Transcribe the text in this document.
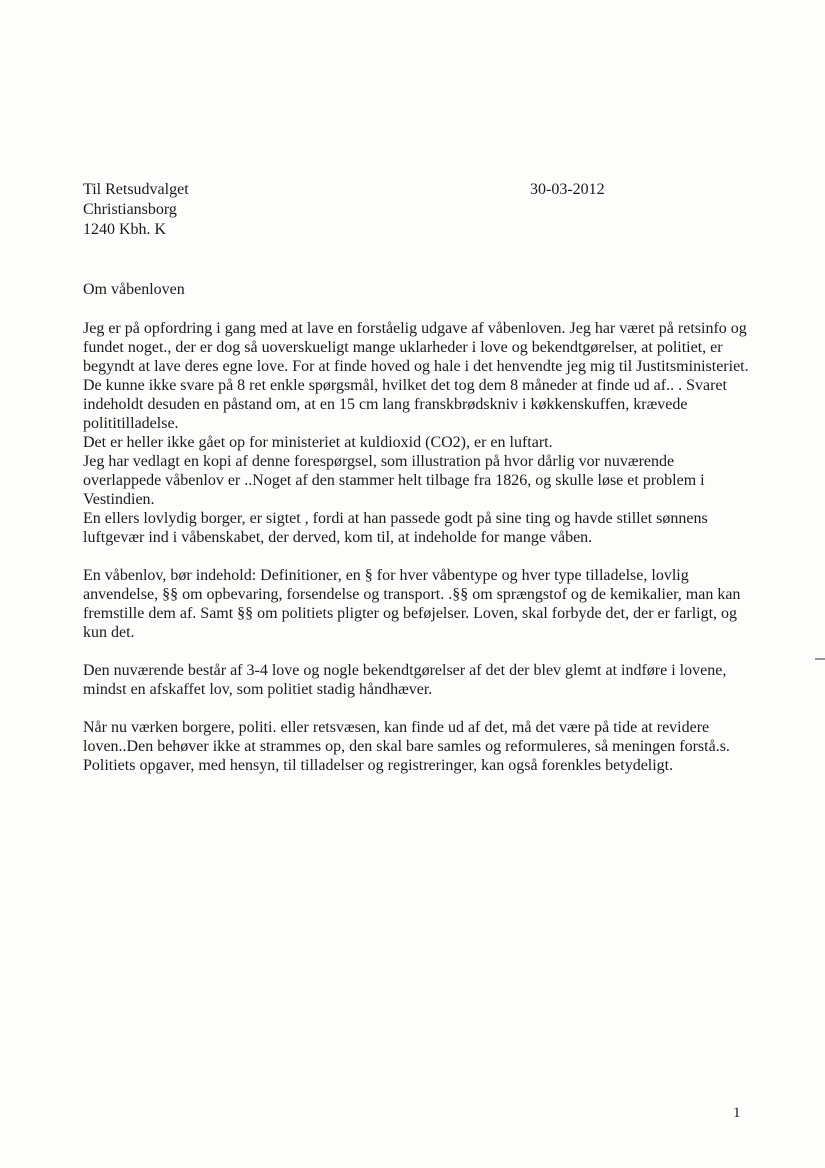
Til Retsudvalget
Christiansborg
1240 Kbh. K
30-03-2012
Om våbenloven

Jeg er på opfordring i gang med at lave en forståelig udgave af våbenloven. Jeg har været på retsinfo og fundet noget., der er dog så uoverskueligt mange uklarheder i love og bekendtgørelser, at politiet, er begyndt at lave deres egne love. For at finde hoved og hale i det henvendte jeg mig til Justitsministeriet. De kunne ikke svare på 8 ret enkle spørgsmål, hvilket det tog dem 8 måneder at finde ud af.. . Svaret indeholdt desuden en påstand om, at en 15 cm lang franskbrødskniv i køkkenskuffen, krævede polititilladelse.

Det er heller ikke gået op for ministeriet at kuldioxid (CO2), er en luftart.

Jeg har vedlagt en kopi af denne forespørgsel, som illustration på hvor dårlig vor nuværende overlappede våbenlov er ..Noget af den stammer helt tilbage fra 1826, og skulle løse et problem i Vestindien.

En ellers lovlydig borger, er sigtet , fordi at han passede godt på sine ting og havde stillet sønnens luftgevær ind i våbenskabet, der derved, kom til, at indeholde for mange våben.

En våbenlov, bør indehold: Definitioner, en § for hver våbentype og hver type tilladelse, lovlig anvendelse, §§ om opbevaring, forsendelse og transport. .§§ om sprængstof og de kemikalier, man kan fremstille dem af. Samt §§ om politiets pligter og beføjelser. Loven, skal forbyde det, der er farligt, og kun det.

Den nuværende består af 3-4 love og nogle bekendtgørelser af det der blev glemt at indføre i lovene, mindst en afskaffet lov, som politiet stadig håndhæver.

Når nu værken borgere, politi. eller retsvæsen, kan finde ud af det, må det være på tide at revidere loven..Den behøver ikke at strammes op, den skal bare samles og reformuleres, så meningen forstå.s.

Politiets opgaver, med hensyn, til tilladelser og registreringer, kan også forenkles betydeligt.

1
